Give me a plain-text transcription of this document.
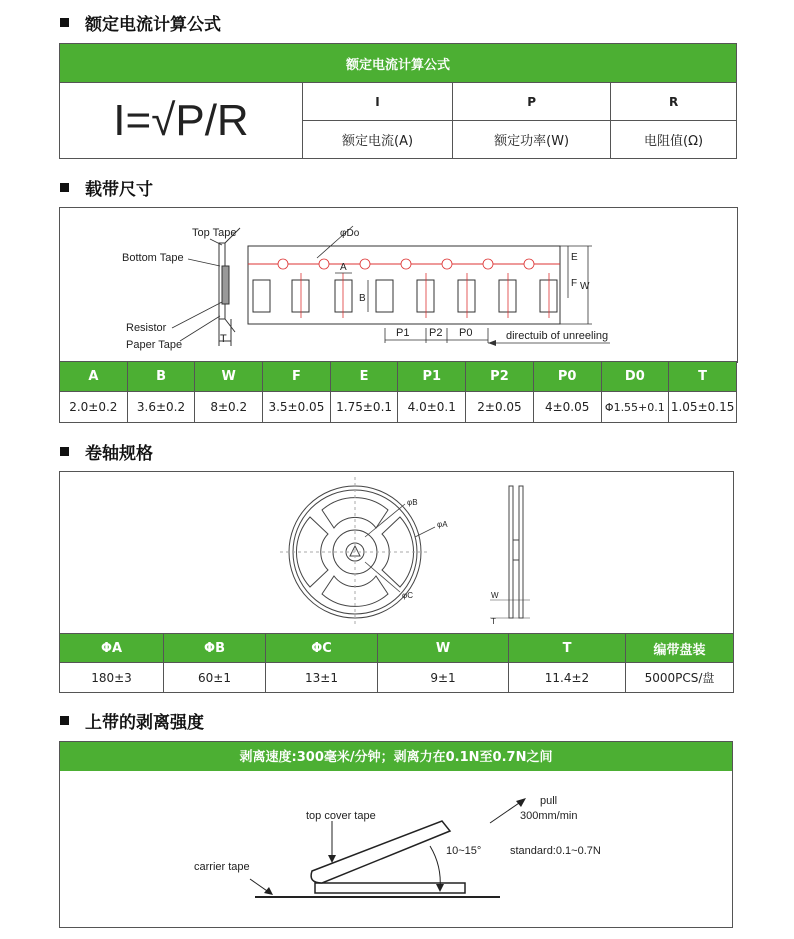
额定电流计算公式
额定电流计算公式			
I=√P/R	I	P	R
	额定电流(A)	额定功率(W)	电阻值(Ω)
载带尺寸
Top Tape
Bottom Tape
Resistor
Paper Tape	T
φDo
A
B
E
F W
P1 P2 P0	directuib of unreeling
A	B	W	F	E	P1	P2	P0	D0	T
2.0±0.2	3.6±0.2	8±0.2	3.5±0.05	1.75±0.1	4.0±0.1	2±0.05	4±0.05	Φ1.55+0.1	1.05±0.15
卷轴规格
φB
φA
φC	W
T
ΦA	ΦB	ΦC	W	T	编带盘装
180±3	60±1	13±1	9±1	11.4±2	5000PCS/盘
上带的剥离强度
剥离速度:300毫米/分钟；剥离力在0.1N至0.7N之间
pull
300mm/min
top cover tape
10~15°	standard:0.1~0.7N
carrier tape
